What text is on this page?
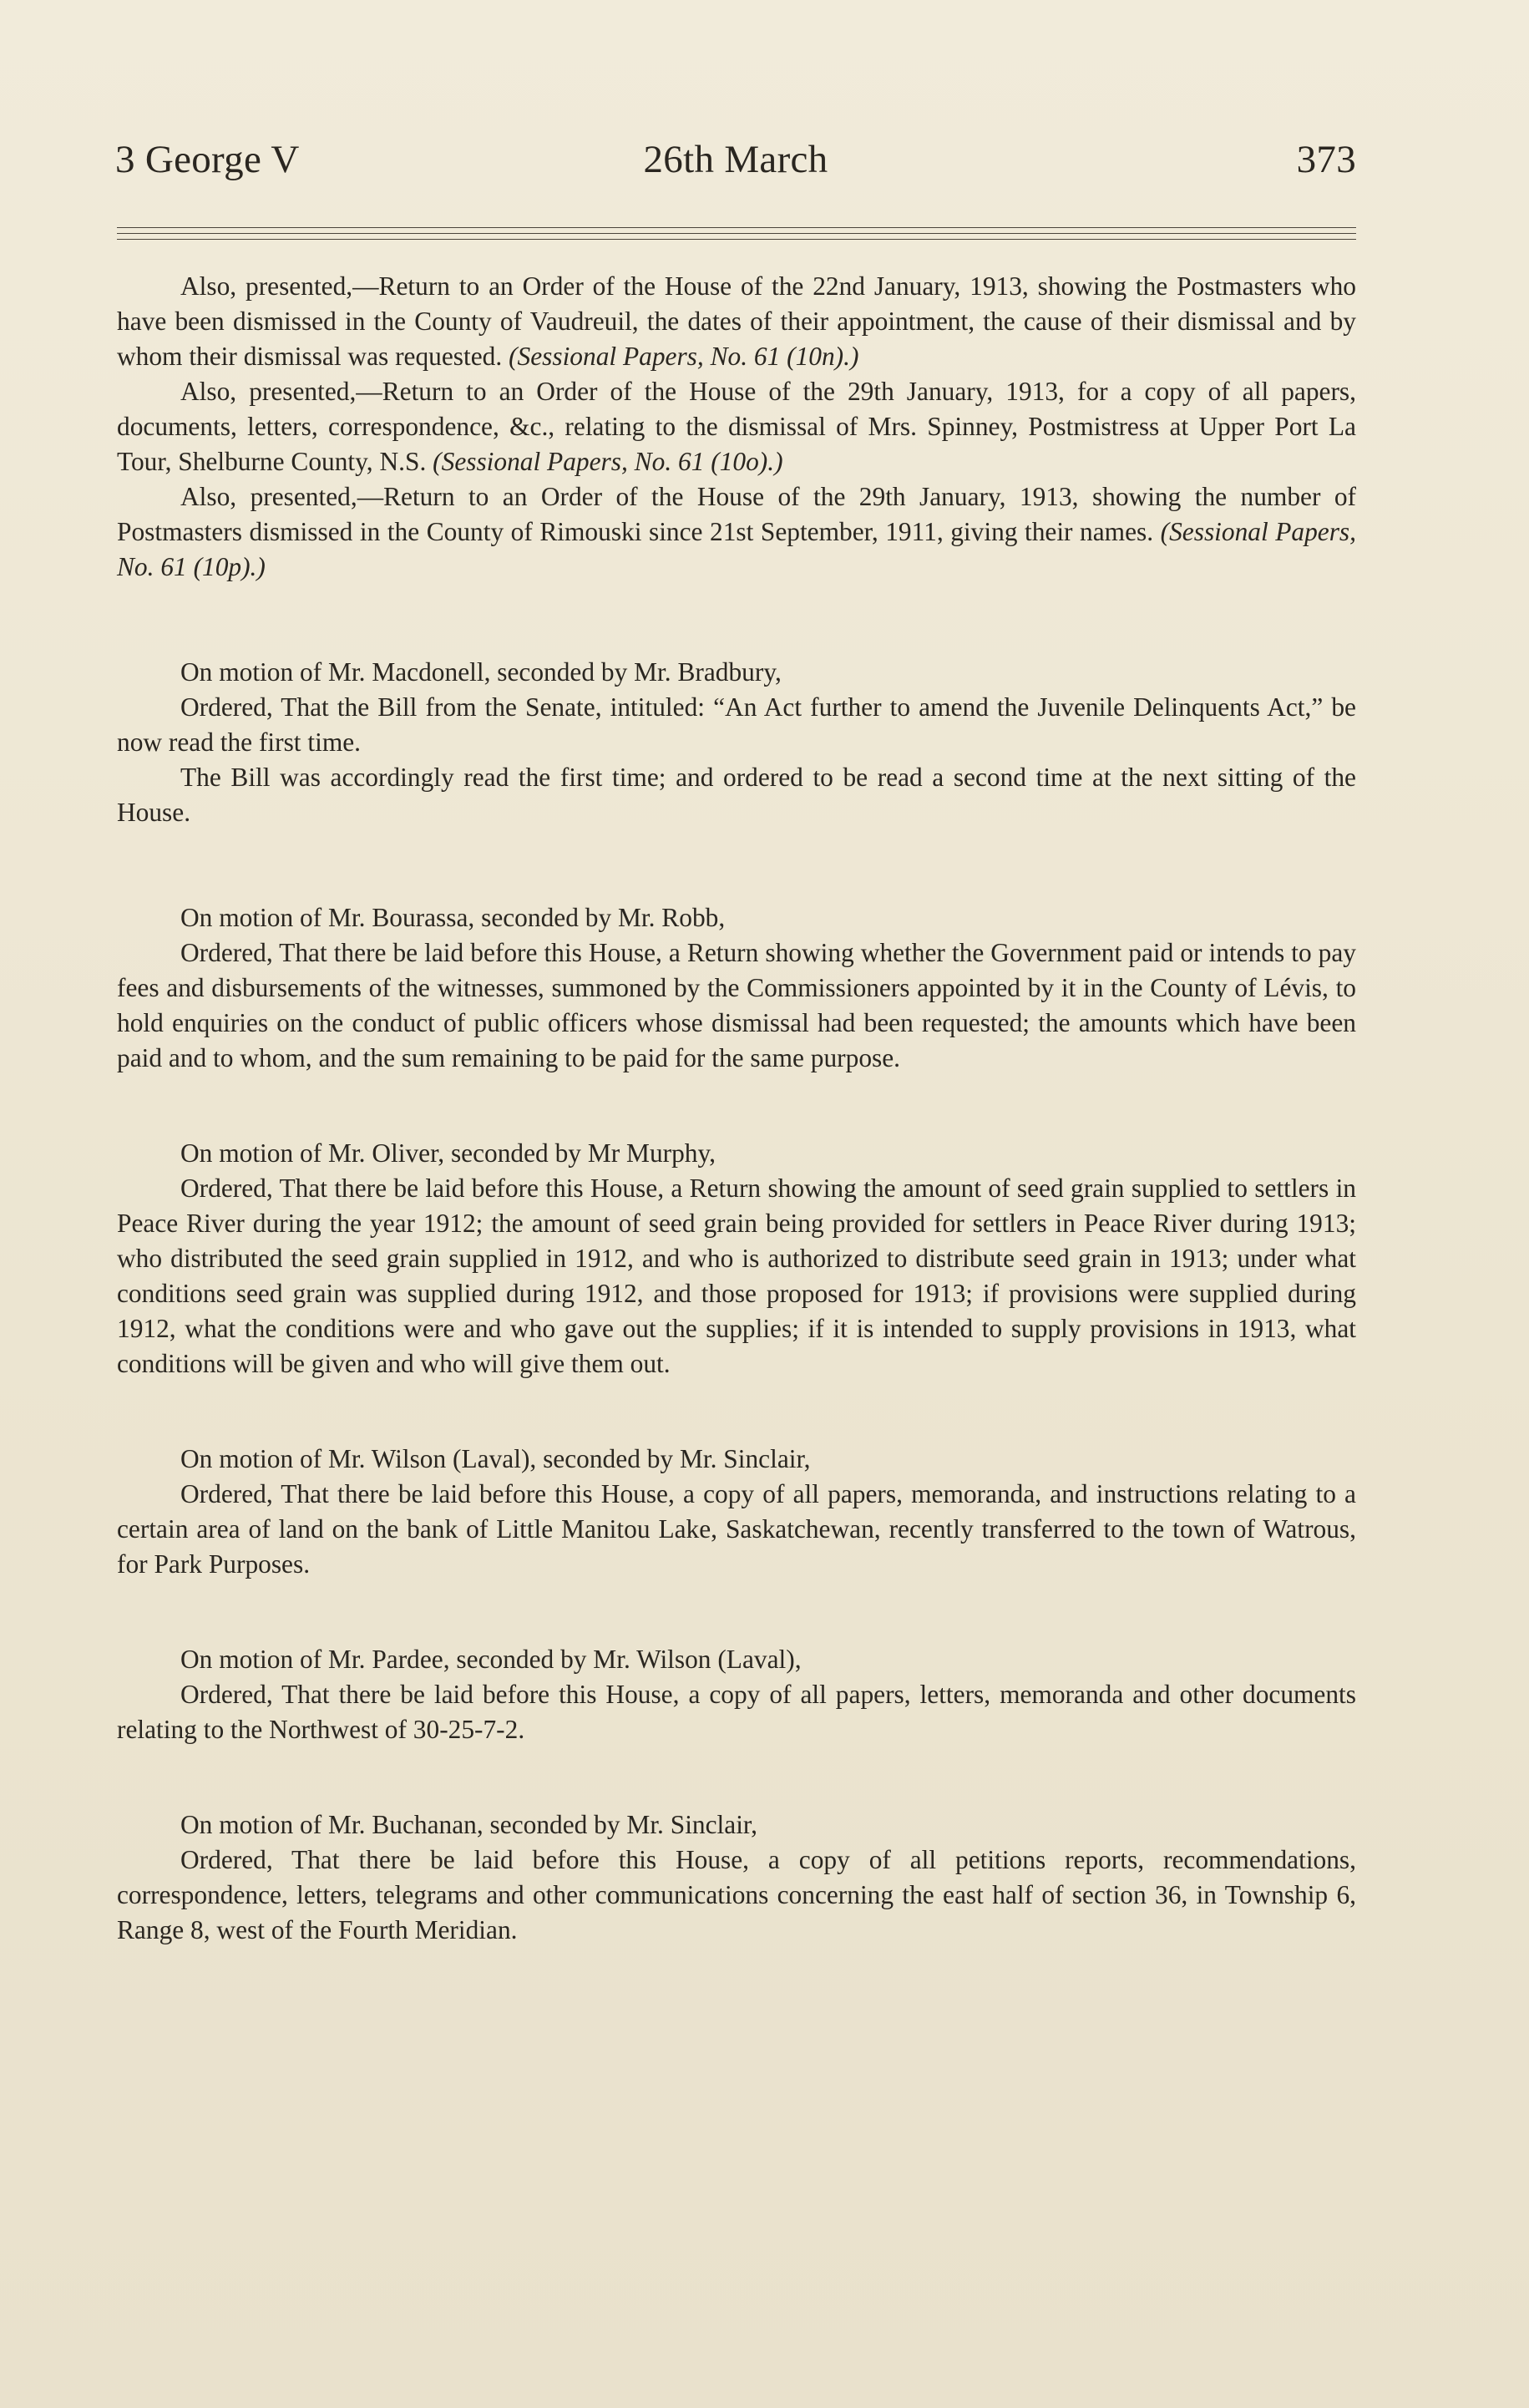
3 George V	26th March	373

Also, presented,—Return to an Order of the House of the 22nd January, 1913, showing the Postmasters who have been dismissed in the County of Vaudreuil, the dates of their appointment, the cause of their dismissal and by whom their dismissal was requested. (Sessional Papers, No. 61 (10n).)

Also, presented,—Return to an Order of the House of the 29th January, 1913, for a copy of all papers, documents, letters, correspondence, &c., relating to the dismissal of Mrs. Spinney, Postmistress at Upper Port La Tour, Shelburne County, N.S. (Sessional Papers, No. 61 (10o).)

Also, presented,—Return to an Order of the House of the 29th January, 1913, showing the number of Postmasters dismissed in the County of Rimouski since 21st September, 1911, giving their names. (Sessional Papers, No. 61 (10p).)

On motion of Mr. Macdonell, seconded by Mr. Bradbury,

Ordered, That the Bill from the Senate, intituled: “An Act further to amend the Juvenile Delinquents Act,” be now read the first time.

The Bill was accordingly read the first time; and ordered to be read a second time at the next sitting of the House.

On motion of Mr. Bourassa, seconded by Mr. Robb,

Ordered, That there be laid before this House, a Return showing whether the Government paid or intends to pay fees and disbursements of the witnesses, summoned by the Commissioners appointed by it in the County of Lévis, to hold enquiries on the conduct of public officers whose dismissal had been requested; the amounts which have been paid and to whom, and the sum remaining to be paid for the same purpose.

On motion of Mr. Oliver, seconded by Mr Murphy,

Ordered, That there be laid before this House, a Return showing the amount of seed grain supplied to settlers in Peace River during the year 1912; the amount of seed grain being provided for settlers in Peace River during 1913; who distributed the seed grain supplied in 1912, and who is authorized to distribute seed grain in 1913; under what conditions seed grain was supplied during 1912, and those proposed for 1913; if provisions were supplied during 1912, what the conditions were and who gave out the supplies; if it is intended to supply provisions in 1913, what conditions will be given and who will give them out.

On motion of Mr. Wilson (Laval), seconded by Mr. Sinclair,

Ordered, That there be laid before this House, a copy of all papers, memoranda, and instructions relating to a certain area of land on the bank of Little Manitou Lake, Saskatchewan, recently transferred to the town of Watrous, for Park Purposes.

On motion of Mr. Pardee, seconded by Mr. Wilson (Laval),

Ordered, That there be laid before this House, a copy of all papers, letters, memoranda and other documents relating to the Northwest of 30-25-7-2.

On motion of Mr. Buchanan, seconded by Mr. Sinclair,

Ordered, That there be laid before this House, a copy of all petitions reports, recommendations, correspondence, letters, telegrams and other communications concerning the east half of section 36, in Township 6, Range 8, west of the Fourth Meridian.
